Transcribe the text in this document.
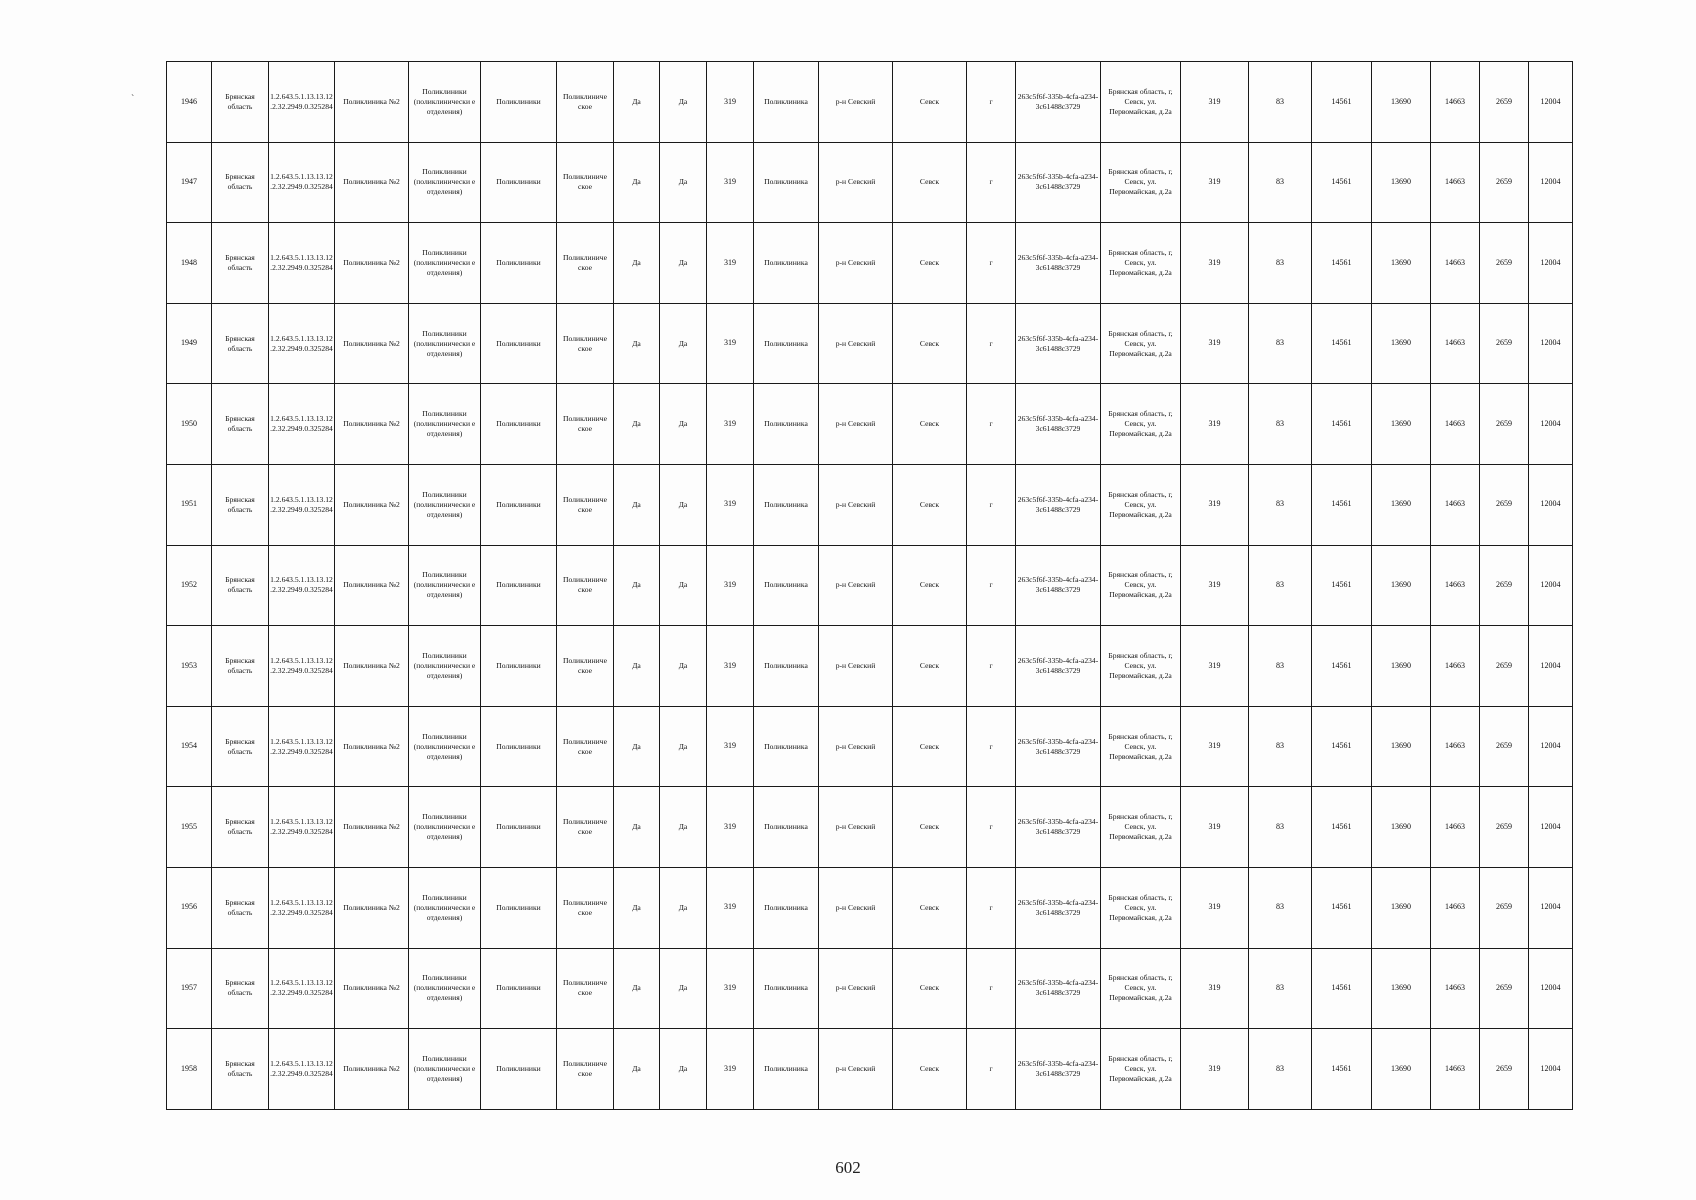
`	1946	Брянская область	1.2.643.5.1.13.13.12.2.32.2949.0.325284	Поликлиника №2	Поликлиники (поликлинически е отделения)	Поликлиники	Поликлиниче ское	Да	Да	319	Поликлиника	р-н Севский	Севск	г	263c5f6f-335b-4cfa-a234-3c61488c3729	Брянская область, г, Севск, ул. Первомайская, д.2а	319	83	14561	13690	14663	2659	12004
1947	Брянская область	1.2.643.5.1.13.13.12.2.32.2949.0.325284	Поликлиника №2	Поликлиники (поликлинически е отделения)	Поликлиники	Поликлиниче ское	Да	Да	319	Поликлиника	р-н Севский	Севск	г	263c5f6f-335b-4cfa-a234-3c61488c3729	Брянская область, г, Севск, ул. Первомайская, д.2а	319	83	14561	13690	14663	2659	12004
1948	Брянская область	1.2.643.5.1.13.13.12.2.32.2949.0.325284	Поликлиника №2	Поликлиники (поликлинически е отделения)	Поликлиники	Поликлиниче ское	Да	Да	319	Поликлиника	р-н Севский	Севск	г	263c5f6f-335b-4cfa-a234-3c61488c3729	Брянская область, г, Севск, ул. Первомайская, д.2а	319	83	14561	13690	14663	2659	12004
1949	Брянская область	1.2.643.5.1.13.13.12.2.32.2949.0.325284	Поликлиника №2	Поликлиники (поликлинически е отделения)	Поликлиники	Поликлиниче ское	Да	Да	319	Поликлиника	р-н Севский	Севск	г	263c5f6f-335b-4cfa-a234-3c61488c3729	Брянская область, г, Севск, ул. Первомайская, д.2а	319	83	14561	13690	14663	2659	12004
1950	Брянская область	1.2.643.5.1.13.13.12.2.32.2949.0.325284	Поликлиника №2	Поликлиники (поликлинически е отделения)	Поликлиники	Поликлиниче ское	Да	Да	319	Поликлиника	р-н Севский	Севск	г	263c5f6f-335b-4cfa-a234-3c61488c3729	Брянская область, г, Севск, ул. Первомайская, д.2а	319	83	14561	13690	14663	2659	12004
1951	Брянская область	1.2.643.5.1.13.13.12.2.32.2949.0.325284	Поликлиника №2	Поликлиники (поликлинически е отделения)	Поликлиники	Поликлиниче ское	Да	Да	319	Поликлиника	р-н Севский	Севск	г	263c5f6f-335b-4cfa-a234-3c61488c3729	Брянская область, г, Севск, ул. Первомайская, д.2а	319	83	14561	13690	14663	2659	12004
1952	Брянская область	1.2.643.5.1.13.13.12.2.32.2949.0.325284	Поликлиника №2	Поликлиники (поликлинически е отделения)	Поликлиники	Поликлиниче ское	Да	Да	319	Поликлиника	р-н Севский	Севск	г	263c5f6f-335b-4cfa-a234-3c61488c3729	Брянская область, г, Севск, ул. Первомайская, д.2а	319	83	14561	13690	14663	2659	12004
1953	Брянская область	1.2.643.5.1.13.13.12.2.32.2949.0.325284	Поликлиника №2	Поликлиники (поликлинически е отделения)	Поликлиники	Поликлиниче ское	Да	Да	319	Поликлиника	р-н Севский	Севск	г	263c5f6f-335b-4cfa-a234-3c61488c3729	Брянская область, г, Севск, ул. Первомайская, д.2а	319	83	14561	13690	14663	2659	12004
1954	Брянская область	1.2.643.5.1.13.13.12.2.32.2949.0.325284	Поликлиника №2	Поликлиники (поликлинически е отделения)	Поликлиники	Поликлиниче ское	Да	Да	319	Поликлиника	р-н Севский	Севск	г	263c5f6f-335b-4cfa-a234-3c61488c3729	Брянская область, г, Севск, ул. Первомайская, д.2а	319	83	14561	13690	14663	2659	12004
1955	Брянская область	1.2.643.5.1.13.13.12.2.32.2949.0.325284	Поликлиника №2	Поликлиники (поликлинически е отделения)	Поликлиники	Поликлиниче ское	Да	Да	319	Поликлиника	р-н Севский	Севск	г	263c5f6f-335b-4cfa-a234-3c61488c3729	Брянская область, г, Севск, ул. Первомайская, д.2а	319	83	14561	13690	14663	2659	12004
1956	Брянская область	1.2.643.5.1.13.13.12.2.32.2949.0.325284	Поликлиника №2	Поликлиники (поликлинически е отделения)	Поликлиники	Поликлиниче ское	Да	Да	319	Поликлиника	р-н Севский	Севск	г	263c5f6f-335b-4cfa-a234-3c61488c3729	Брянская область, г, Севск, ул. Первомайская, д.2а	319	83	14561	13690	14663	2659	12004
1957	Брянская область	1.2.643.5.1.13.13.12.2.32.2949.0.325284	Поликлиника №2	Поликлиники (поликлинически е отделения)	Поликлиники	Поликлиниче ское	Да	Да	319	Поликлиника	р-н Севский	Севск	г	263c5f6f-335b-4cfa-a234-3c61488c3729	Брянская область, г, Севск, ул. Первомайская, д.2а	319	83	14561	13690	14663	2659	12004
1958	Брянская область	1.2.643.5.1.13.13.12.2.32.2949.0.325284	Поликлиника №2	Поликлиники (поликлинически е отделения)	Поликлиники	Поликлиниче ское	Да	Да	319	Поликлиника	р-н Севский	Севск	г	263c5f6f-335b-4cfa-a234-3c61488c3729	Брянская область, г, Севск, ул. Первомайская, д.2а	319	83	14561	13690	14663	2659	12004
602
